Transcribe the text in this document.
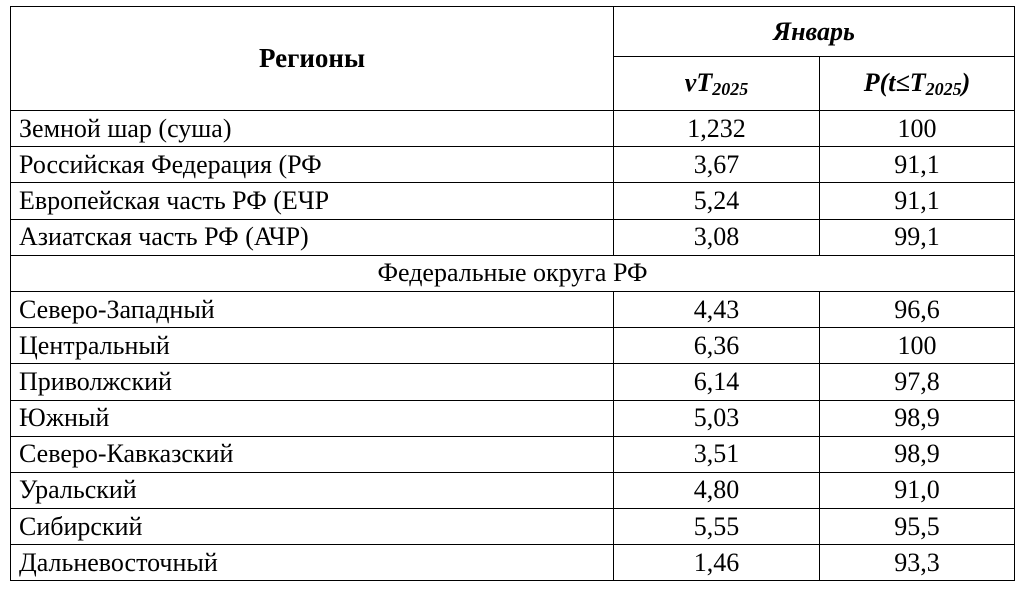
Регионы	Январь	
	$vT_{2025}$	$P(t\le T_{2025})$
Земной шар (суша)	1,232	100
Российская Федерация (РФ	3,67	91,1
Европейская часть РФ (ЕЧР	5,24	91,1
Азиатская часть РФ (АЧР)	3,08	99,1
Федеральные округа РФ		
Северо-Западный	4,43	96,6
Центральный	6,36	100
Приволжский	6,14	97,8
Южный	5,03	98,9
Северо-Кавказский	3,51	98,9
Уральский	4,80	91,0
Сибирский	5,55	95,5
Дальневосточный	1,46	93,3
